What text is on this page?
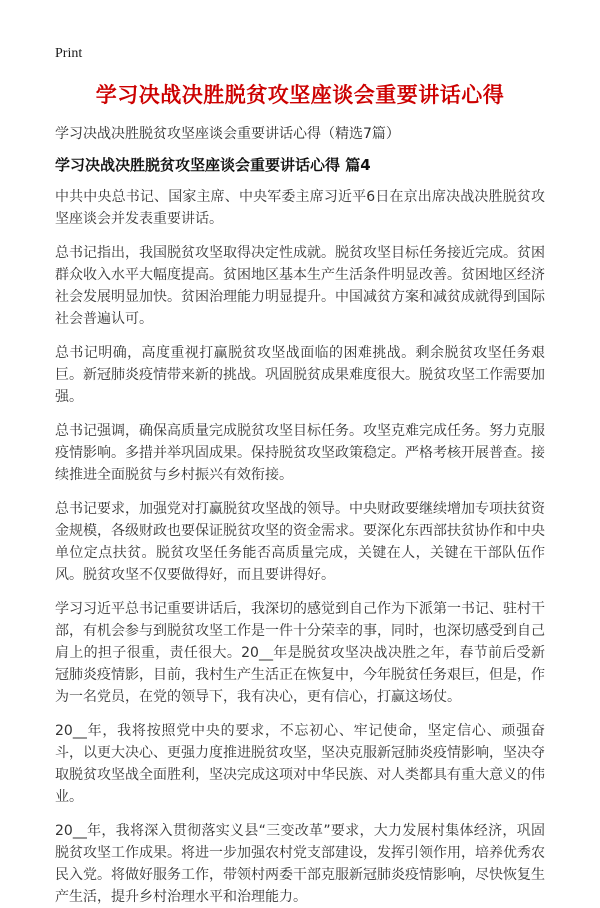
Print
学习决战决胜脱贫攻坚座谈会重要讲话心得

学习决战决胜脱贫攻坚座谈会重要讲话心得（精选7篇）

学习决战决胜脱贫攻坚座谈会重要讲话心得 篇4

中共中央总书记、国家主席、中央军委主席习近平6日在京出席决战决胜脱贫攻坚座谈会并发表重要讲话。

总书记指出，我国脱贫攻坚取得决定性成就。脱贫攻坚目标任务接近完成。贫困群众收入水平大幅度提高。贫困地区基本生产生活条件明显改善。贫困地区经济社会发展明显加快。贫困治理能力明显提升。中国减贫方案和减贫成就得到国际社会普遍认可。

总书记明确，高度重视打赢脱贫攻坚战面临的困难挑战。剩余脱贫攻坚任务艰巨。新冠肺炎疫情带来新的挑战。巩固脱贫成果难度很大。脱贫攻坚工作需要加强。

总书记强调，确保高质量完成脱贫攻坚目标任务。攻坚克难完成任务。努力克服疫情影响。多措并举巩固成果。保持脱贫攻坚政策稳定。严格考核开展普查。接续推进全面脱贫与乡村振兴有效衔接。

总书记要求，加强党对打赢脱贫攻坚战的领导。中央财政要继续增加专项扶贫资金规模，各级财政也要保证脱贫攻坚的资金需求。要深化东西部扶贫协作和中央单位定点扶贫。脱贫攻坚任务能否高质量完成，关键在人，关键在干部队伍作风。脱贫攻坚不仅要做得好，而且要讲得好。

学习习近平总书记重要讲话后，我深切的感觉到自己作为下派第一书记、驻村干部，有机会参与到脱贫攻坚工作是一件十分荣幸的事，同时，也深切感受到自己肩上的担子很重，责任很大。20__年是脱贫攻坚决战决胜之年，春节前后受新冠肺炎疫情影，目前，我村生产生活正在恢复中，今年脱贫任务艰巨，但是，作为一名党员，在党的领导下，我有决心，更有信心，打赢这场仗。

20__年，我将按照党中央的要求，不忘初心、牢记使命，坚定信心、顽强奋斗，以更大决心、更强力度推进脱贫攻坚，坚决克服新冠肺炎疫情影响，坚决夺取脱贫攻坚战全面胜利，坚决完成这项对中华民族、对人类都具有重大意义的伟业。

20__年，我将深入贯彻落实义县“三变改革”要求，大力发展村集体经济，巩固脱贫攻坚工作成果。将进一步加强农村党支部建设，发挥引领作用，培养优秀农民入党。将做好服务工作，带领村两委干部克服新冠肺炎疫情影响，尽快恢复生产生活，提升乡村治理水平和治理能力。
